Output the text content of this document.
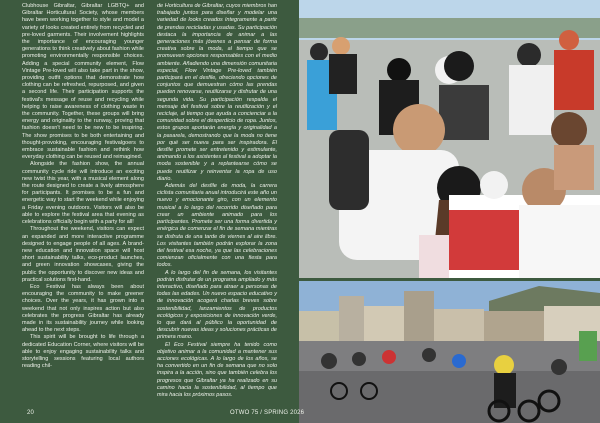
Clubhouse Gibraltar, Gibraltar LGBTQ+ and Gibraltar Horticultural Society, whose members have been working together to style and model a variety of looks created entirely from recycled and pre-loved garments. Their involvement highlights the importance of encouraging younger generations to think creatively about fashion while promoting environmentally responsible choices. Adding a special community element, Flow Vintage Pre-loved will also take part in the show, providing outfit options that demonstrate how clothing can be refreshed, repurposed, and given a second life. Their participation supports the festival's message of reuse and recycling while helping to raise awareness of clothing waste in the community. Together, these groups will bring energy and originality to the runway, proving that fashion doesn't need to be new to be inspiring. The show promises to be both entertaining and thought-provoking, encouraging festivalgoers to embrace sustainable fashion and rethink how everyday clothing can be reused and reimagined.

Alongside the fashion show, the annual community cycle ride will introduce an exciting new twist this year, with a musical element along the route designed to create a lively atmosphere for participants. It promises to be a fun and energetic way to start the weekend while enjoying a Friday evening outdoors. Visitors will also be able to explore the festival area that evening as celebrations officially begin with a party for all!

Throughout the weekend, visitors can expect an expanded and more interactive programme designed to engage people of all ages. A brand-new education and innovation space will host short sustainability talks, eco-product launches, and green innovation showcases, giving the public the opportunity to discover new ideas and practical solutions first-hand.

Eco Festival has always been about encouraging the community to make greener choices. Over the years, it has grown into a weekend that not only inspires action but also celebrates the progress Gibraltar has already made in its sustainability journey while looking ahead to the next steps.

This spirit will be brought to life through a dedicated Education Corner, where visitors will be able to enjoy engaging sustainability talks and storytelling sessions featuring local authors reading chil-

de Horticultura de Gibraltar, cuyos miembros han trabajado juntos para diseñar y modelar una variedad de looks creados íntegramente a partir de prendas recicladas y usadas. Su participación destaca la importancia de animar a las generaciones más jóvenes a pensar de forma creativa sobre la moda, al tiempo que se promueven opciones responsables con el medio ambiente. Añadiendo una dimensión comunitaria especial, Flow Vintage Pre-loved también participará en el desfile, ofreciendo opciones de conjuntos que demuestran cómo las prendas pueden renovarse, reutilizarse y disfrutar de una segunda vida. Su participación respalda el mensaje del festival sobre la reutilización y el reciclaje, al tiempo que ayuda a concienciar a la comunidad sobre el desperdicio de ropa. Juntos, estos grupos aportarán energía y originalidad a la pasarela, demostrando que la moda no tiene por qué ser nueva para ser inspiradora. El desfile promete ser entretenido y estimulante, animando a los asistentes al festival a adoptar la moda sostenible y a replantearse cómo se puede reutilizar y reinventar la ropa de uso diario.

Además del desfile de moda, la carrera ciclista comunitaria anual introducirá este año un nuevo y emocionante giro, con un elemento musical a lo largo del recorrido diseñado para crear un ambiente animado para los participantes. Promete ser una forma divertida y enérgica de comenzar el fin de semana mientras se disfruta de una tarde de viernes al aire libre. Los visitantes también podrán explorar la zona del festival esa noche, ya que las celebraciones comienzan oficialmente con una fiesta para todos.

A lo largo del fin de semana, los visitantes podrán disfrutar de un programa ampliado y más interactivo, diseñado para atraer a personas de todas las edades. Un nuevo espacio educativo y de innovación acogerá charlas breves sobre sostenibilidad, lanzamientos de productos ecológicos y exposiciones de innovación verde, lo que dará al público la oportunidad de descubrir nuevas ideas y soluciones prácticas de primera mano.

El Eco Festival siempre ha tenido como objetivo animar a la comunidad a mantener sus acciones ecológicas. A lo largo de los años, se ha convertido en un fin de semana que no solo inspira a la acción, sino que también celebra los progresos que Gibraltar ya ha realizado en su camino hacia la sostenibilidad, al tiempo que mira hacia los próximos pasos.

20	OTWO 75 / SPRING 2026
